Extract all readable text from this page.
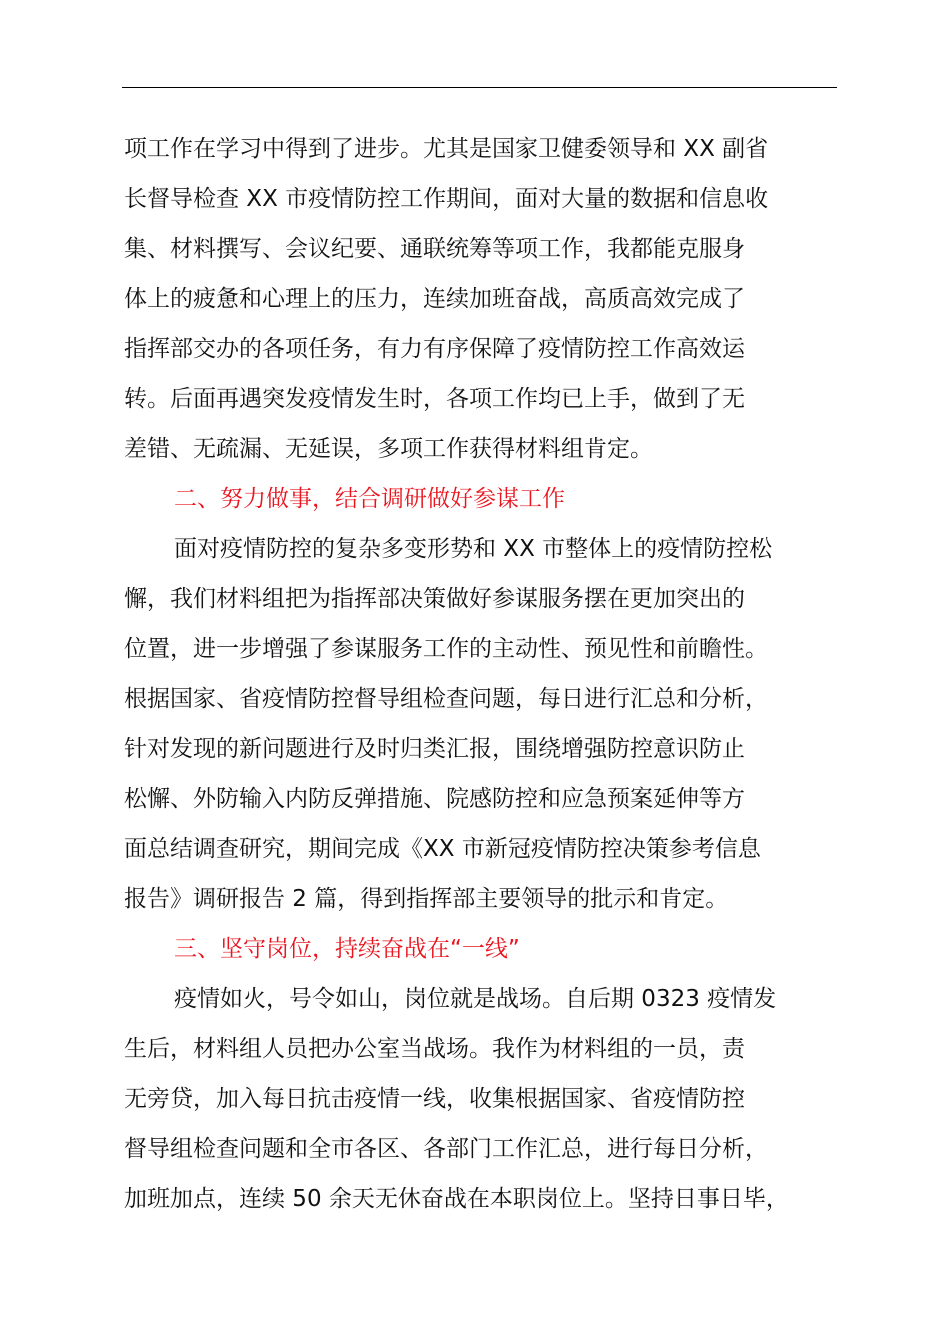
项工作在学习中得到了进步。尤其是国家卫健委领导和 XX 副省
长督导检查 XX 市疫情防控工作期间，面对大量的数据和信息收
集、材料撰写、会议纪要、通联统筹等项工作，我都能克服身
体上的疲惫和心理上的压力，连续加班奋战，高质高效完成了
指挥部交办的各项任务，有力有序保障了疫情防控工作高效运
转。后面再遇突发疫情发生时，各项工作均已上手，做到了无
差错、无疏漏、无延误，多项工作获得材料组肯定。
二、努力做事，结合调研做好参谋工作
面对疫情防控的复杂多变形势和 XX 市整体上的疫情防控松
懈，我们材料组把为指挥部决策做好参谋服务摆在更加突出的
位置，进一步增强了参谋服务工作的主动性、预见性和前瞻性。
根据国家、省疫情防控督导组检查问题，每日进行汇总和分析，
针对发现的新问题进行及时归类汇报，围绕增强防控意识防止
松懈、外防输入内防反弹措施、院感防控和应急预案延伸等方
面总结调查研究，期间完成《XX 市新冠疫情防控决策参考信息
报告》调研报告 2 篇，得到指挥部主要领导的批示和肯定。
三、坚守岗位，持续奋战在“一线”
疫情如火，号令如山，岗位就是战场。自后期 0323 疫情发
生后，材料组人员把办公室当战场。我作为材料组的一员，责
无旁贷，加入每日抗击疫情一线，收集根据国家、省疫情防控
督导组检查问题和全市各区、各部门工作汇总，进行每日分析，
加班加点，连续 50 余天无休奋战在本职岗位上。坚持日事日毕，
